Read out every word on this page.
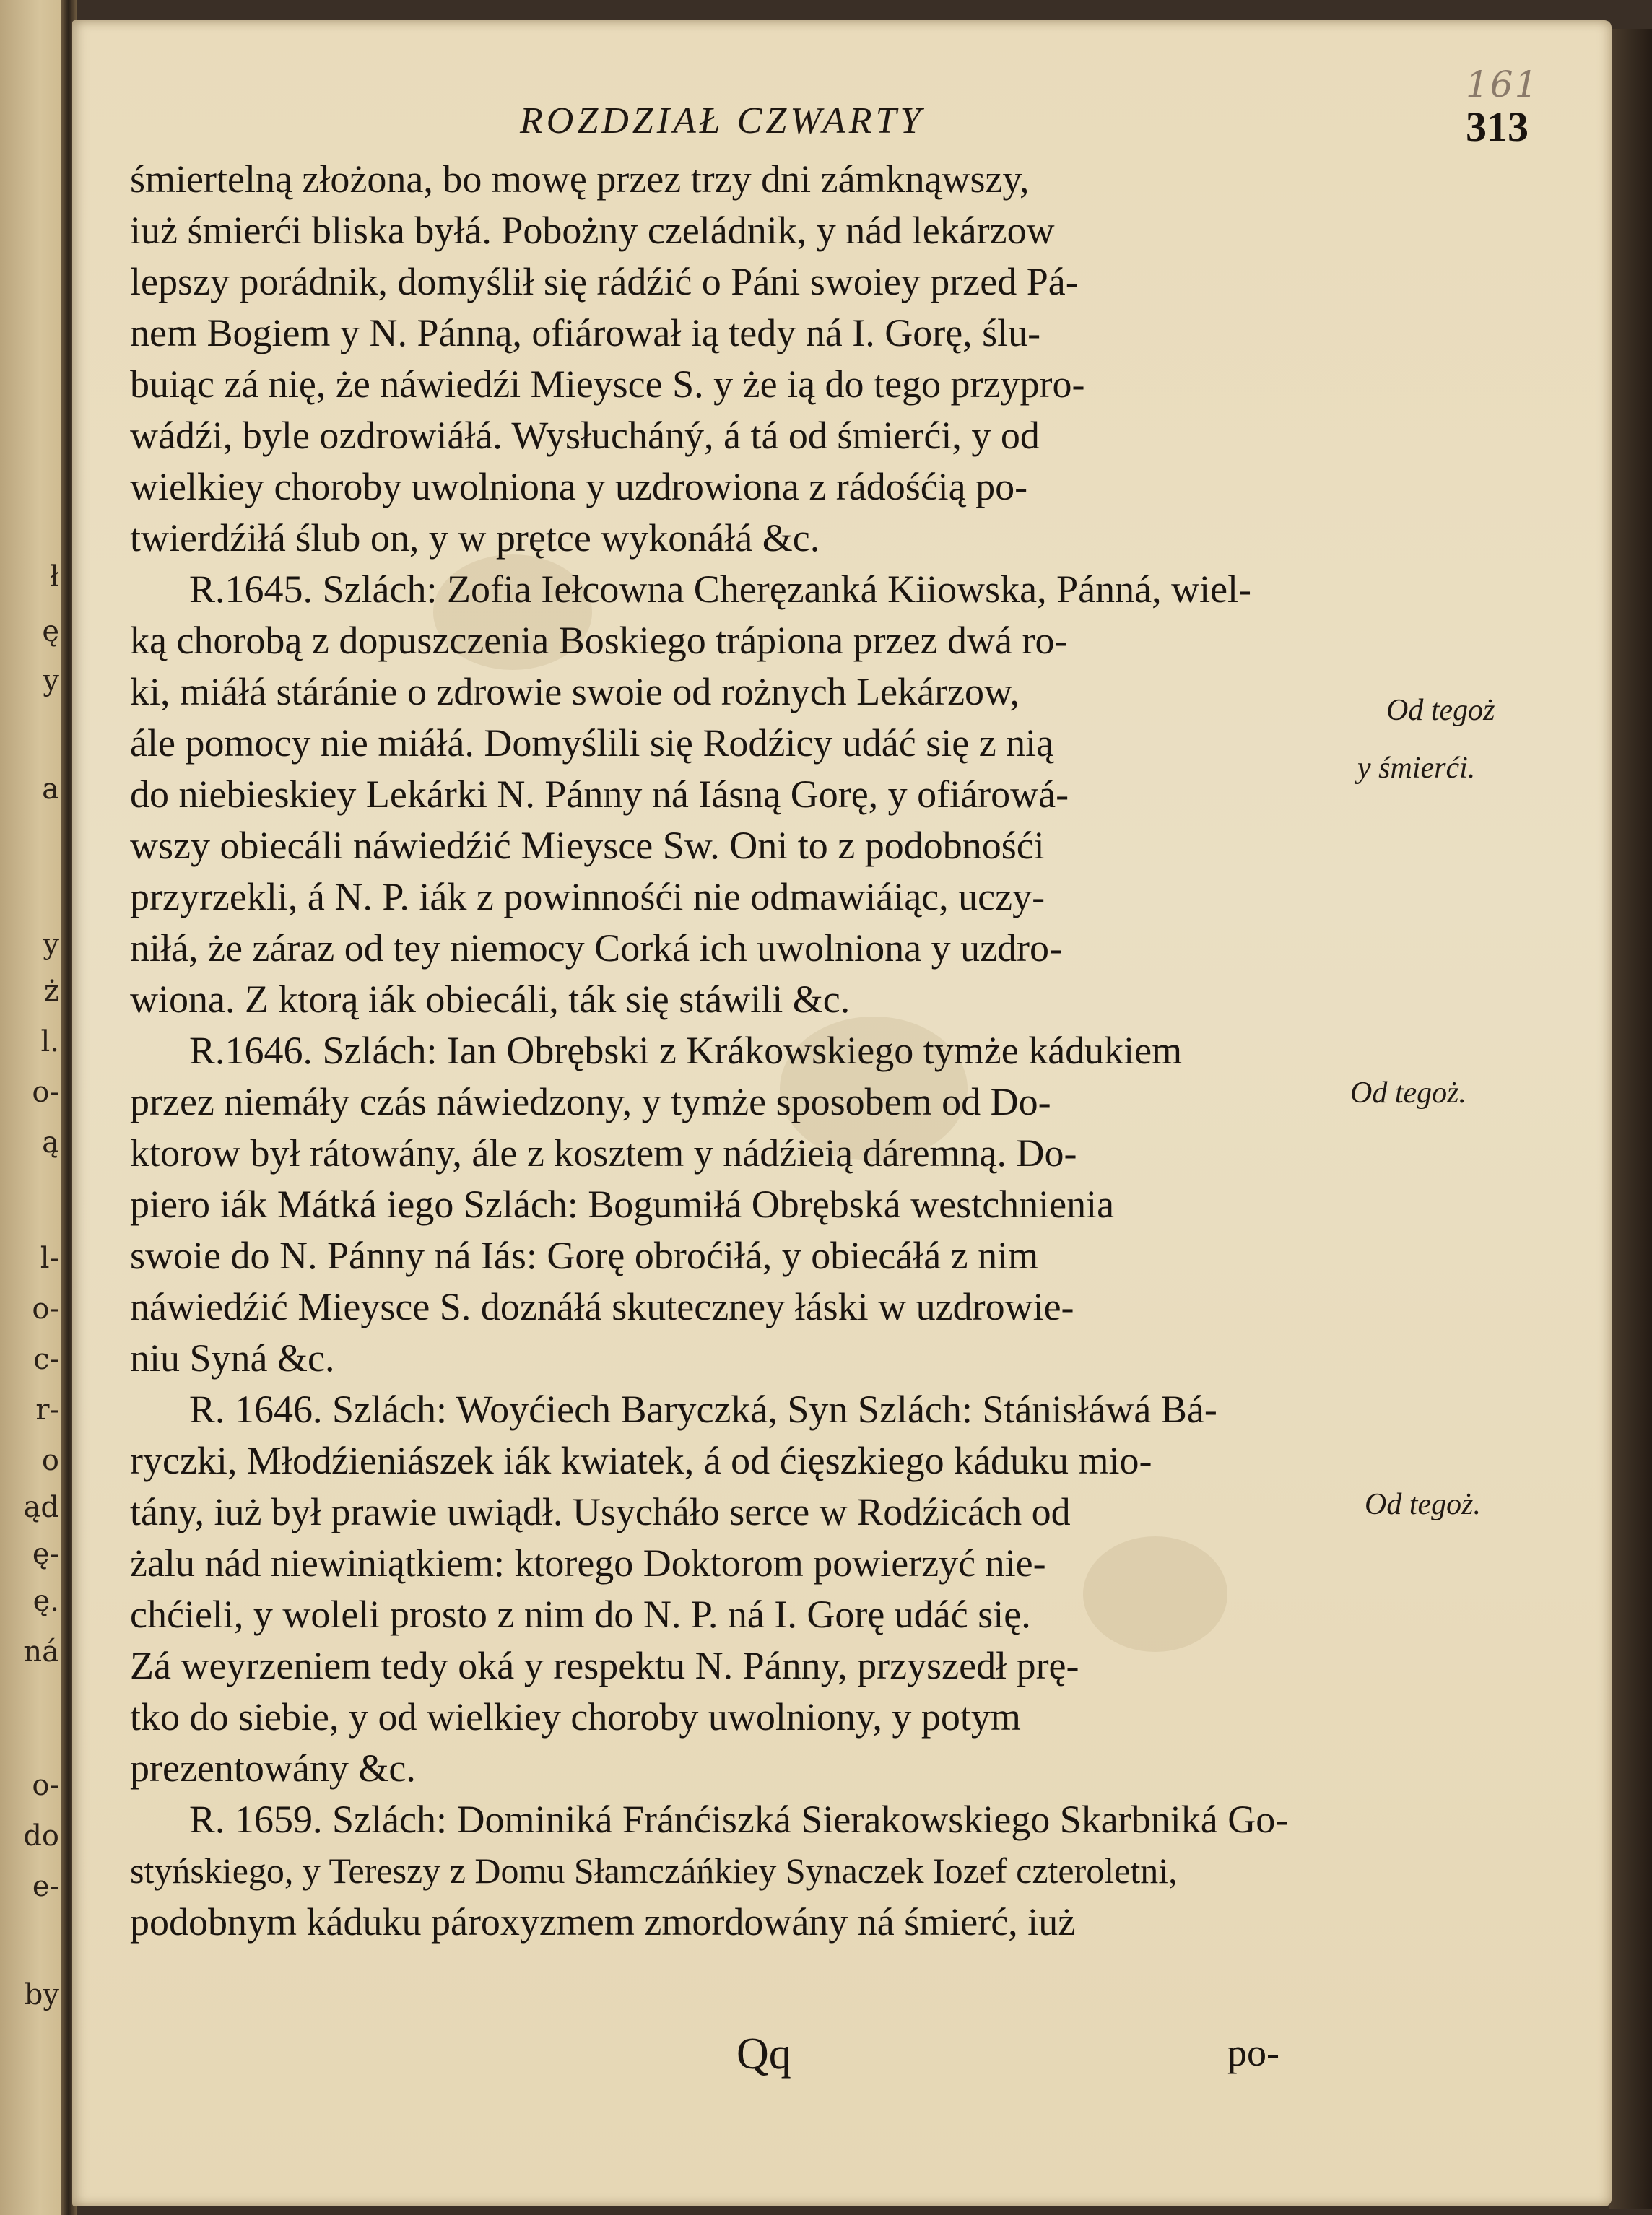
ł
ę
y
a
y
ż
l.
o-
ą
l-
o-
c-
r-
o
ąd
ę-
ę.
ná
o-
do
e-
by
161
ROZDZIAŁ CZWARTY	313
śmiertelną złożona, bo mowę przez trzy dni zámknąwszy,
iuż śmierći bliska byłá. Pobożny czeládnik, y nád lekárzow
lepszy porádnik, domyślił się rádźić o Páni swoiey przed Pá-
nem Bogiem y N. Pánną, ofiárował ią tedy ná I. Gorę, ślu-
buiąc zá nię, że náwiedźi Mieysce S. y że ią do tego przypro-
wádźi, byle ozdrowiáłá. Wysłucháný, á tá od śmierći, y od
wielkiey choroby uwolniona y uzdrowiona z rádośćią po-
twierdźiłá ślub on, y w prętce wykonáłá &c.
R.1645. Szlách: Zofia Iełcowna Cheręzanká Kiiowska, Pánná, wiel-
ką chorobą z dopuszczenia Boskiego trápiona przez dwá ro-
ki, miáłá stáránie o zdrowie swoie od rożnych Lekárzow,
ále pomocy nie miáłá. Domyślili się Rodźicy udáć się z nią
do niebieskiey Lekárki N. Pánny ná Iásną Gorę, y ofiárowá-
wszy obiecáli náwiedźić Mieysce Sw. Oni to z podobnośći
przyrzekli, á N. P. iák z powinnośći nie odmawiáiąc, uczy-
niłá, że záraz od tey niemocy Corká ich uwolniona y uzdro-
wiona. Z ktorą iák obiecáli, ták się stáwili &c.
R.1646. Szlách: Ian Obrębski z Krákowskiego tymże kádukiem
przez niemáły czás náwiedzony, y tymże sposobem od Do-
ktorow był rátowány, ále z kosztem y nádźieią dáremną. Do-
piero iák Mátká iego Szlách: Bogumiłá Obrębská westchnienia
swoie do N. Pánny ná Iás: Gorę obroćiłá, y obiecáłá z nim
náwiedźić Mieysce S. doznáłá skuteczney łáski w uzdrowie-
niu Syná &c.
R. 1646. Szlách: Woyćiech Baryczká, Syn Szlách: Stánisłáwá Bá-
ryczki, Młodźieniászek iák kwiatek, á od ćięszkiego káduku mio-
tány, iuż był prawie uwiądł. Usycháło serce w Rodźicách od
żalu nád niewiniątkiem: ktorego Doktorom powierzyć nie-
chćieli, y woleli prosto z nim do N. P. ná I. Gorę udáć się.
Zá weyrzeniem tedy oká y respektu N. Pánny, przyszedł prę-
tko do siebie, y od wielkiey choroby uwolniony, y potym
prezentowány &c.
R. 1659. Szlách: Dominiká Fránćiszká Sierakowskiego Skarbniká Go-
styńskiego, y Tereszy z Domu Słamczáńkiey Synaczek Iozef czteroletni,
podobnym káduku pároxyzmem zmordowány ná śmierć, iuż
Od tegoż
y śmierći.
Od tegoż.
Od tegoż.
Qq	po-
